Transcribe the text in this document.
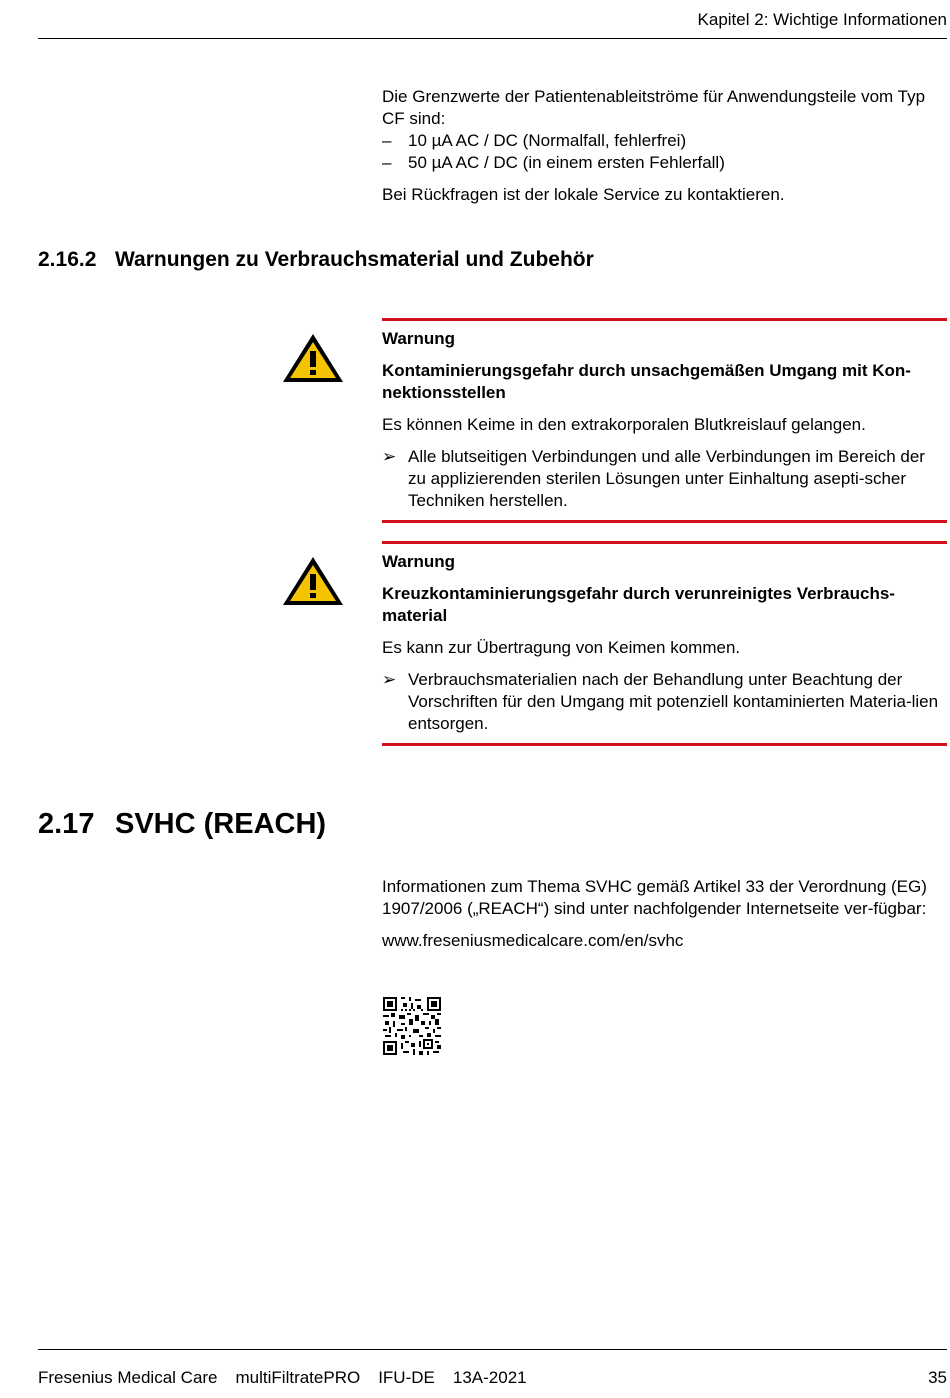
Kapitel 2: Wichtige Informationen

Die Grenzwerte der Patientenableitströme für Anwendungsteile vom Typ CF sind:

– 10 µA AC / DC (Normalfall, fehlerfrei)
– 50 µA AC / DC (in einem ersten Fehlerfall)

Bei Rückfragen ist der lokale Service zu kontaktieren.

2.16.2 Warnungen zu Verbrauchsmaterial und Zubehör

Warnung

Kontaminierungsgefahr durch unsachgemäßen Umgang mit Kon-nektionsstellen

Es können Keime in den extrakorporalen Blutkreislauf gelangen.

➢ Alle blutseitigen Verbindungen und alle Verbindungen im Bereich der zu applizierenden sterilen Lösungen unter Einhaltung asepti-scher Techniken herstellen.

Warnung

Kreuzkontaminierungsgefahr durch verunreinigtes Verbrauchs-material

Es kann zur Übertragung von Keimen kommen.

➢ Verbrauchsmaterialien nach der Behandlung unter Beachtung der Vorschriften für den Umgang mit potenziell kontaminierten Materia-lien entsorgen.
2.17 SVHC (REACH)

Informationen zum Thema SVHC gemäß Artikel 33 der Verordnung (EG) 1907/2006 („REACH“) sind unter nachfolgender Internetseite ver-fügbar:

www.freseniusmedicalcare.com/en/svhc

Fresenius Medical Care multiFiltratePRO IFU-DE 13A-2021	35
